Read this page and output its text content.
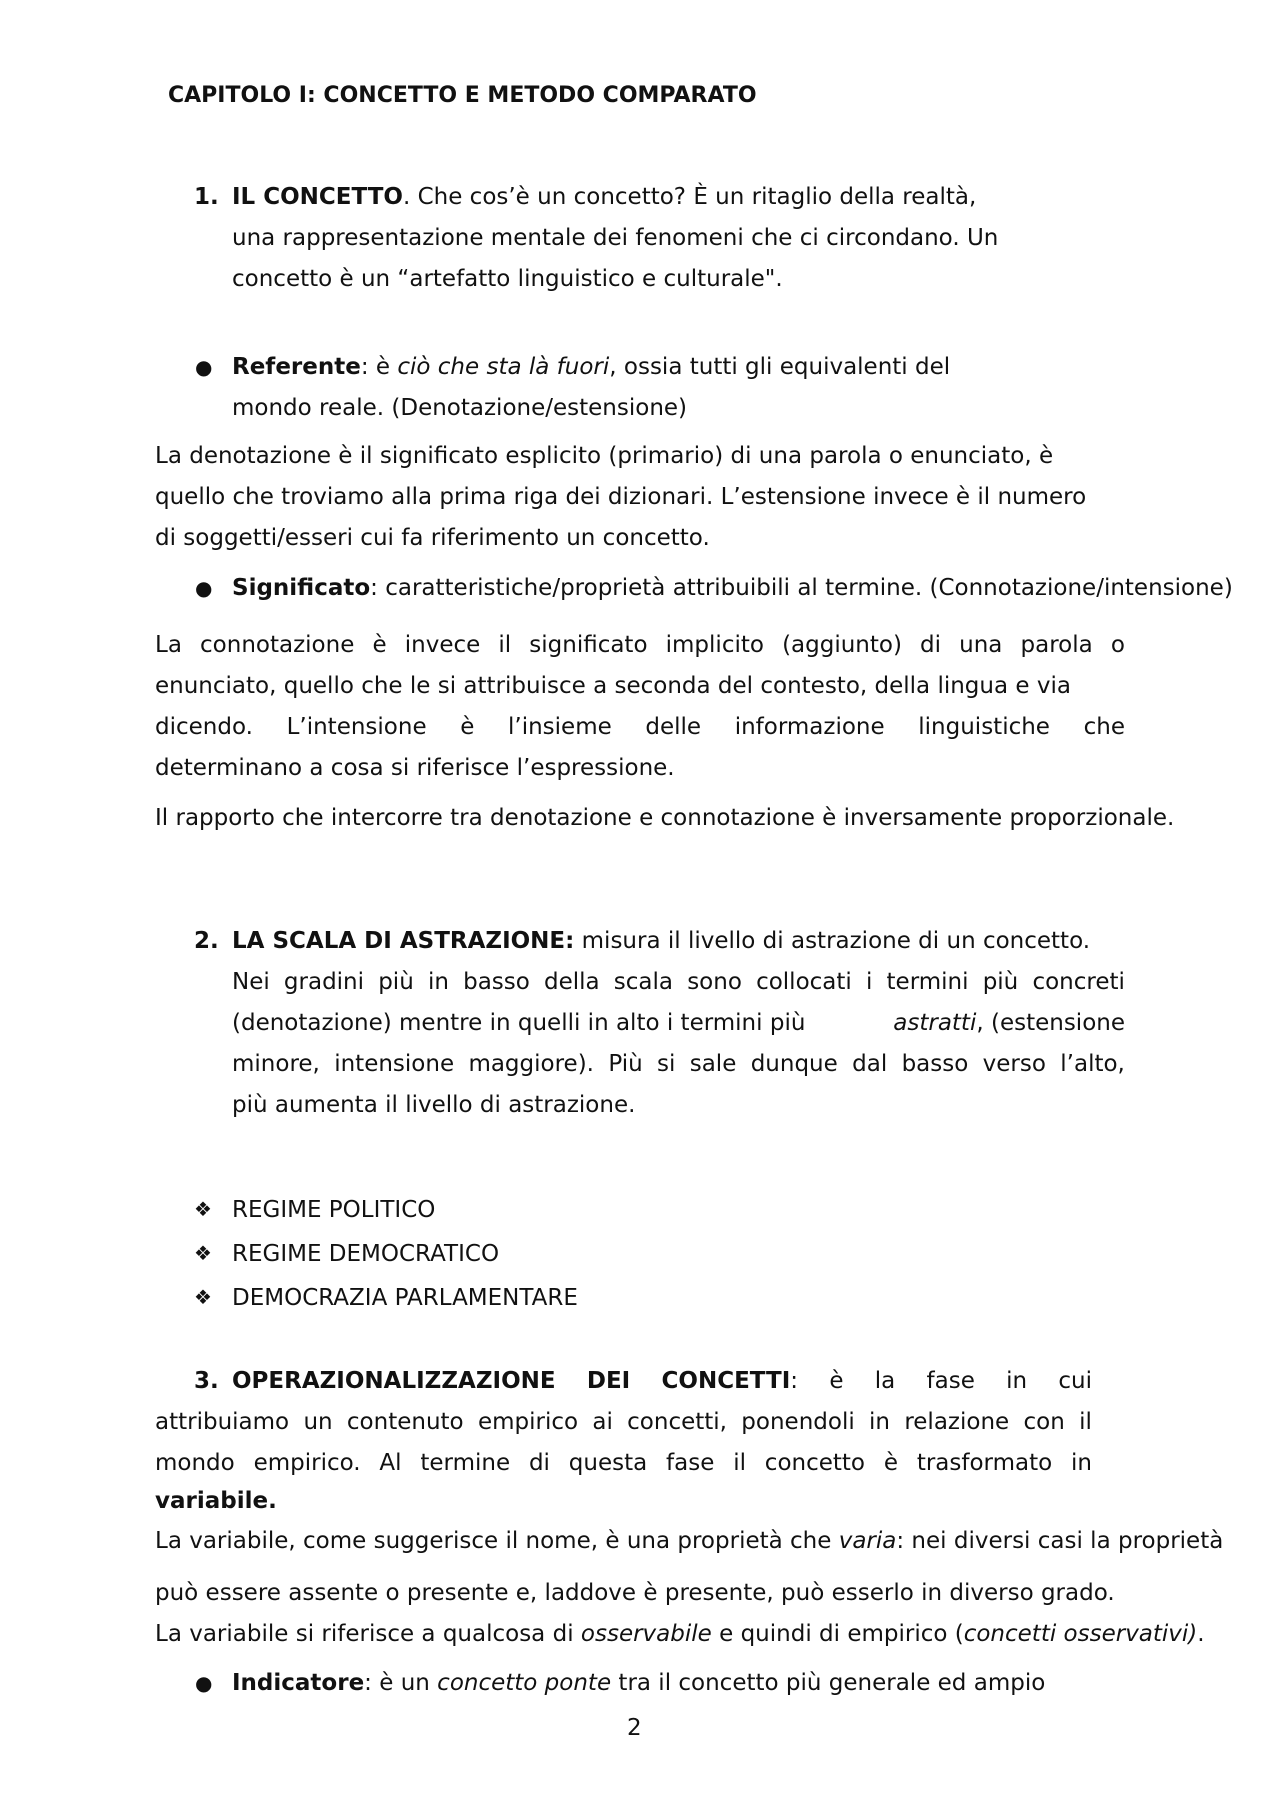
CAPITOLO I: CONCETTO E METODO COMPARATO
1. IL CONCETTO. Che cos’è un concetto? È un ritaglio della realtà,
una rappresentazione mentale dei fenomeni che ci circondano. Un
concetto è un “artefatto linguistico e culturale".
● Referente: è ciò che sta là fuori, ossia tutti gli equivalenti del
mondo reale. (Denotazione/estensione)
La denotazione è il significato esplicito (primario) di una parola o enunciato, è
quello che troviamo alla prima riga dei dizionari. L’estensione invece è il numero
di soggetti/esseri cui fa riferimento un concetto.
● Significato: caratteristiche/proprietà attribuibili al termine. (Connotazione/intensione)
La connotazione è invece il significato implicito (aggiunto) di una parola o
enunciato, quello che le si attribuisce a seconda del contesto, della lingua e via
dicendo. L’intensione è l’insieme delle informazione linguistiche che
determinano a cosa si riferisce l’espressione.
Il rapporto che intercorre tra denotazione e connotazione è inversamente proporzionale.
2. LA SCALA DI ASTRAZIONE: misura il livello di astrazione di un concetto.
Nei gradini più in basso della scala sono collocati i termini più concreti
(denotazione) mentre in quelli in alto i termini più	astratti, (estensione
minore, intensione maggiore). Più si sale dunque dal basso verso l’alto,
più aumenta il livello di astrazione.
❖ REGIME POLITICO
❖ REGIME DEMOCRATICO
❖ DEMOCRAZIA PARLAMENTARE
3. OPERAZIONALIZZAZIONE DEI CONCETTI: è la fase in cui
attribuiamo un contenuto empirico ai concetti, ponendoli in relazione con il
mondo empirico. Al termine di questa fase il concetto è trasformato in
variabile.
La variabile, come suggerisce il nome, è una proprietà che varia: nei diversi casi la proprietà
può essere assente o presente e, laddove è presente, può esserlo in diverso grado.
La variabile si riferisce a qualcosa di osservabile e quindi di empirico (concetti osservativi).
● Indicatore: è un concetto ponte tra il concetto più generale ed ampio
2
